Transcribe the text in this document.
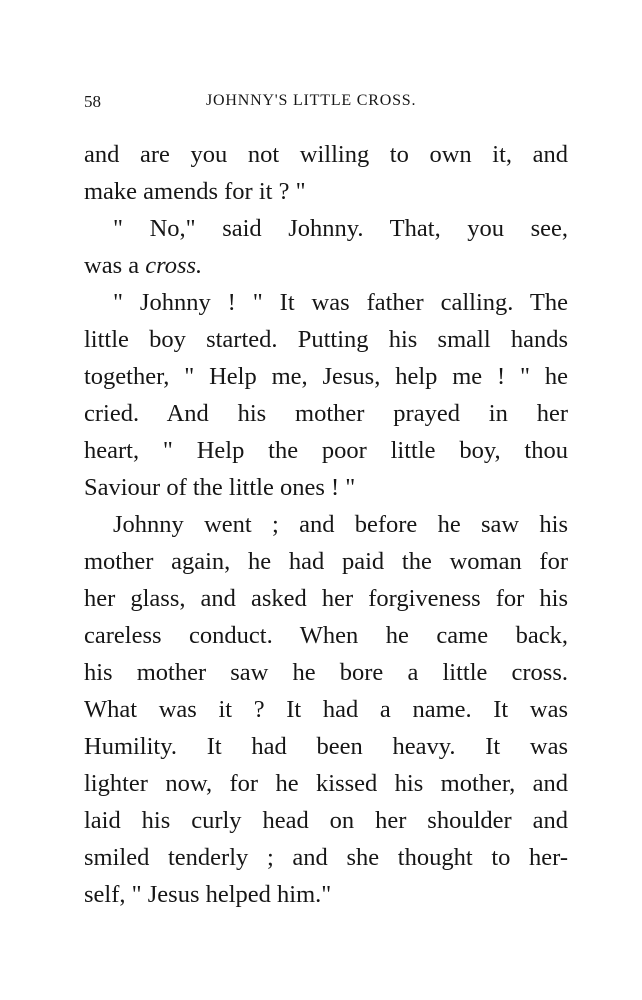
58	JOHNNY'S LITTLE CROSS.
and are you not willing to own it, and
make amends for it ? "
" No," said Johnny. That, you see,
was a cross.
" Johnny ! " It was father calling. The
little boy started. Putting his small hands
together, " Help me, Jesus, help me ! " he
cried. And his mother prayed in her
heart, " Help the poor little boy, thou
Saviour of the little ones ! "
Johnny went ; and before he saw his
mother again, he had paid the woman for
her glass, and asked her forgiveness for his
careless conduct. When he came back,
his mother saw he bore a little cross.
What was it ? It had a name. It was
Humility. It had been heavy. It was
lighter now, for he kissed his mother, and
laid his curly head on her shoulder and
smiled tenderly ; and she thought to her-
self, " Jesus helped him."
